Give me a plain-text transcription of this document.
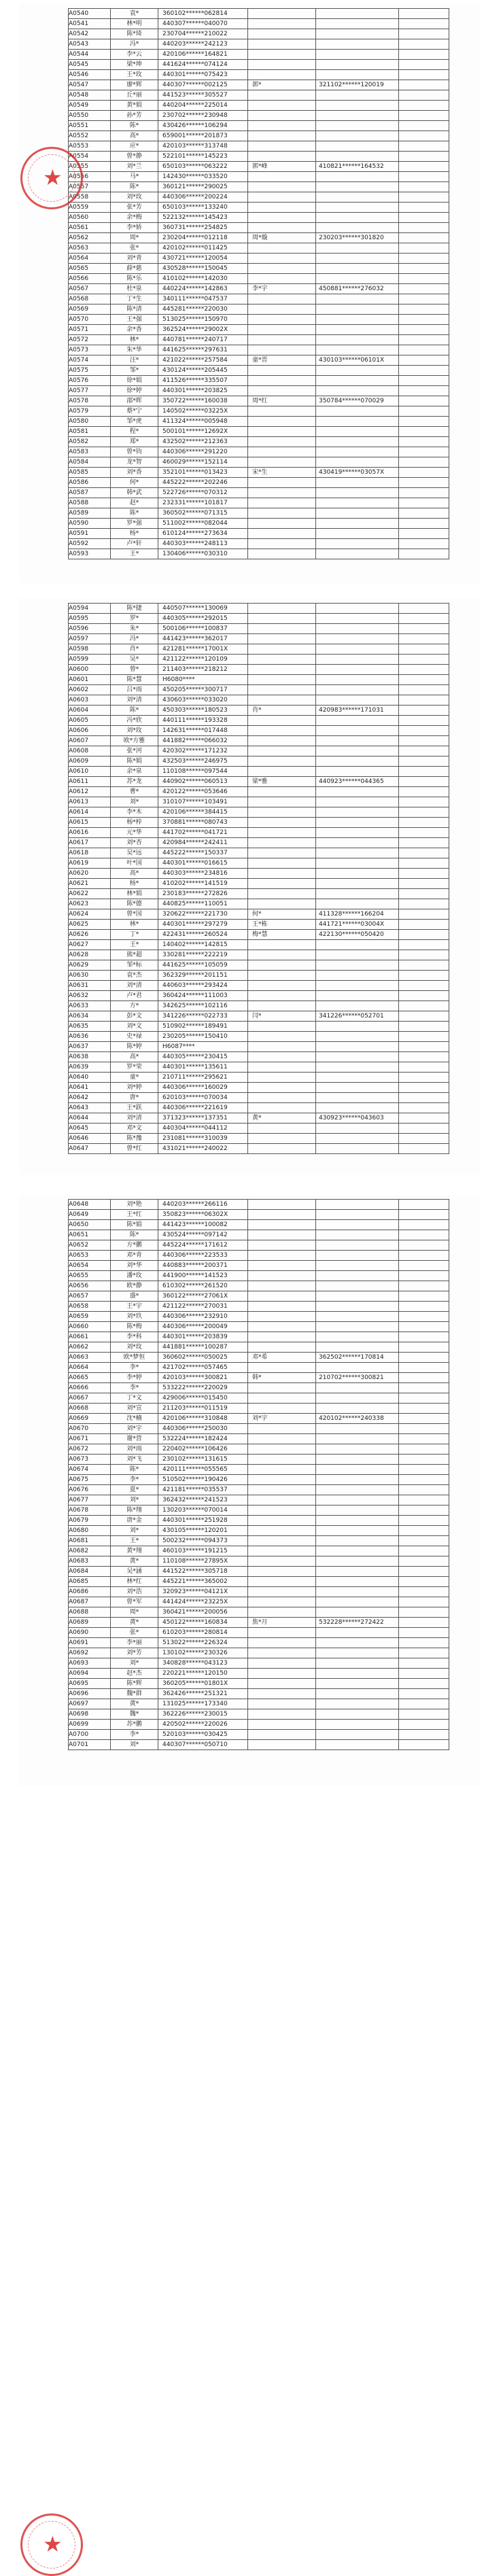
A0540	袁*	360102******062814
A0541	林*明	440307******040070
A0542	陈*琦	230704******210022
A0543	冯*	440203******242123
A0544	李*云	420106******164821
A0545	梁*坤	441624******074124
A0546	王*玫	440301******075423
A0547	廖*辉	440307******002125	郭*	321102******120019
A0548	丘*丽	441523******305527
A0549	黄*娟	440204******225014
A0550	孙*芳	230702******230948
A0551	陈*	430426******106294
A0552	高*	659001******201873
A0553	应*	420103******313748
A0554	曾*静	522101******145223
A0555	刘*兰	650103******063222	郭*峰	410821******164532
A0556	马*	142430******033520
A0557	陈*	360121******290025
A0558	刘*玫	440306******200224
A0559	张*芳	650103******133240
A0560	余*梅	522132******145423
A0561	李*娇	360731******254825
A0562	周*	230204******012118	周*璇	230203******301820
A0563	张*	420102******011425
A0564	刘*青	430721******120054
A0565	薛*慈	430528******150045
A0566	陈*乐	410102******142030
A0567	杜*泉	440224******142863	李*宇	450881******276032
A0568	丁*生	340111******047537
A0569	陈*清	445281******220030
A0570	王*强	513025******150970
A0571	余*香	362524******29002X
A0572	林*	440781******240717
A0573	朱*华	441625******297631
A0574	汪*	421022******257584	童*晋	430103******06101X
A0575	邹*	430124******205445
A0576	徐*娟	411526******335507
A0577	徐*婷	440301******203825
A0578	邵*晖	350722******160038	周*红	350784******070029
A0579	蔡*宁	140502******03225X
A0580	邹*虎	411324******005948
A0581	程*	500101******12692X
A0582	郑*	432502******212363
A0583	曾*钧	440306******291220
A0584	龙*智	460029******152114
A0585	刘*香	352101******013423	宋*生	430419******03057X
A0586	何*	445222******202246
A0587	韩*武	522726******070312
A0588	赵*	232331******101817
A0589	陈*	360502******071315
A0590	罗*强	511002******082044
A0591	杨*	610124******273634
A0592	卢*轩	440303******248113
A0593	王*	130406******030310
★
A0594	陈*捷	440507******130069
A0595	罗*	440305******292015
A0596	朱*	500106******100837
A0597	冯*	441423******362017
A0598	肖*	421281******17001X
A0599	吴*	421122******120109
A0600	曾*	211403******218212
A0601	陈*慧	H6080****
A0602	吕*雨	450205******300717
A0603	刘*清	430603******033020
A0604	陈*	450303******180523	肖*	420983******171031
A0605	冯*欣	440111******193328
A0606	刘*玫	142631******017448
A0607	欧*方雅	441882******066032
A0608	张*河	420302******171232
A0609	陈*娟	432503******246975
A0610	余*泉	110108******097544
A0611	苏*龙	440902******060513	梁*雅	440923******044365
A0612	曹*	420122******053646
A0613	刘*	310107******103491
A0614	李*木	420106******384415
A0615	杨*梓	370881******080743
A0616	元*华	441702******041721
A0617	刘*杏	420984******242411
A0618	吴*远	445222******150337
A0619	叶*国	440301******016615
A0620	高*	440303******234816
A0621	杨*	410202******141519
A0622	林*娟	230183******272826
A0623	陈*德	440825******110051
A0624	曾*国	320622******221730	何*	411328******166204
A0625	林*	440301******297279	王*栋	441721******03004X
A0626	丁*	422431******260524	梅*慧	422130******050420
A0627	王*	140402******142815
A0628	熊*超	330281******222219
A0629	邹*标	441625******105059
A0630	袁*杰	362329******201151
A0631	刘*清	440603******293424
A0632	卢*君	360424******111003
A0633	方*	342625******102116
A0634	彭*文	341226******022733	闫*	341226******052701
A0635	刘*文	510902******189491
A0636	史*禄	230205******150410
A0637	陈*婷	H6087****
A0638	高*	440305******230415
A0639	罗*荣	440301******135611
A0640	童*	210711******295621
A0641	刘*婷	440306******160029
A0642	唐*	620103******070034
A0643	王*跃	440306******221619
A0644	刘*清	371323******137351	黄*	430923******043603
A0645	邓*文	440304******044112
A0646	陈*豫	231081******310039
A0647	曾*红	431021******240022
A0648	刘*艳	440203******266116
A0649	王*红	350823******06302X
A0650	陈*娟	441423******100082
A0651	陈*	430524******097142
A0652	方*鹏	445224******171612
A0653	邓*青	440306******223533
A0654	刘*华	440883******200371
A0655	潘*玫	441900******141523
A0656	欧*静	610302******261520
A0657	盛*	360122******27061X
A0658	王*宇	421122******270031
A0659	刘*玖	440306******232910
A0660	陈*梅	440306******200049
A0661	李*科	440301******203839
A0662	刘*玫	441881******100287
A0663	欧*梦恒	360602******050025	邓*希	362502******170814
A0664	李*	421702******057465
A0665	李*婷	420103******300821	韩*	210702******300821
A0666	李*	533222******220029
A0667	丁*文	429006******015450
A0668	刘*宣	211203******011519
A0669	沈*楠	420106******310848	刘*宇	420102******240338
A0670	刘*宇	440306******250030
A0671	谢*营	532224******182424
A0672	刘*雨	220402******106426
A0673	刘*飞	230102******131615
A0674	陈*	420111******055565
A0675	李*	510502******190426
A0676	夏*	421181******035537
A0677	刘*	362432******241523
A0678	陈*翔	130203******070014
A0679	唐*金	440301******251928
A0680	刘*	430105******120201
A0681	王*	500232******094373
A0682	黄*翔	460103******191215
A0683	黄*	110108******27895X
A0684	吴*涵	441522******305718
A0685	林*红	445221******365002
A0686	刘*浩	320923******04121X
A0687	曾*军	441424******23225X
A0688	周*	360421******200056
A0689	黄*	450122******160834	焦*月	532228******272422
A0690	张*	610203******280814
A0691	李*丽	513022******226324
A0692	刘*芳	130102******230326
A0693	刘*	340828******043123
A0694	赵*杰	220221******120150
A0695	陈*辉	360205******01801X
A0696	魏*群	362426******251321
A0697	黄*	131025******173340
A0698	魏*	362226******230015
A0699	苏*鹏	420502******220026
A0700	李*	520103******030425
A0701	刘*	440307******050710
★
